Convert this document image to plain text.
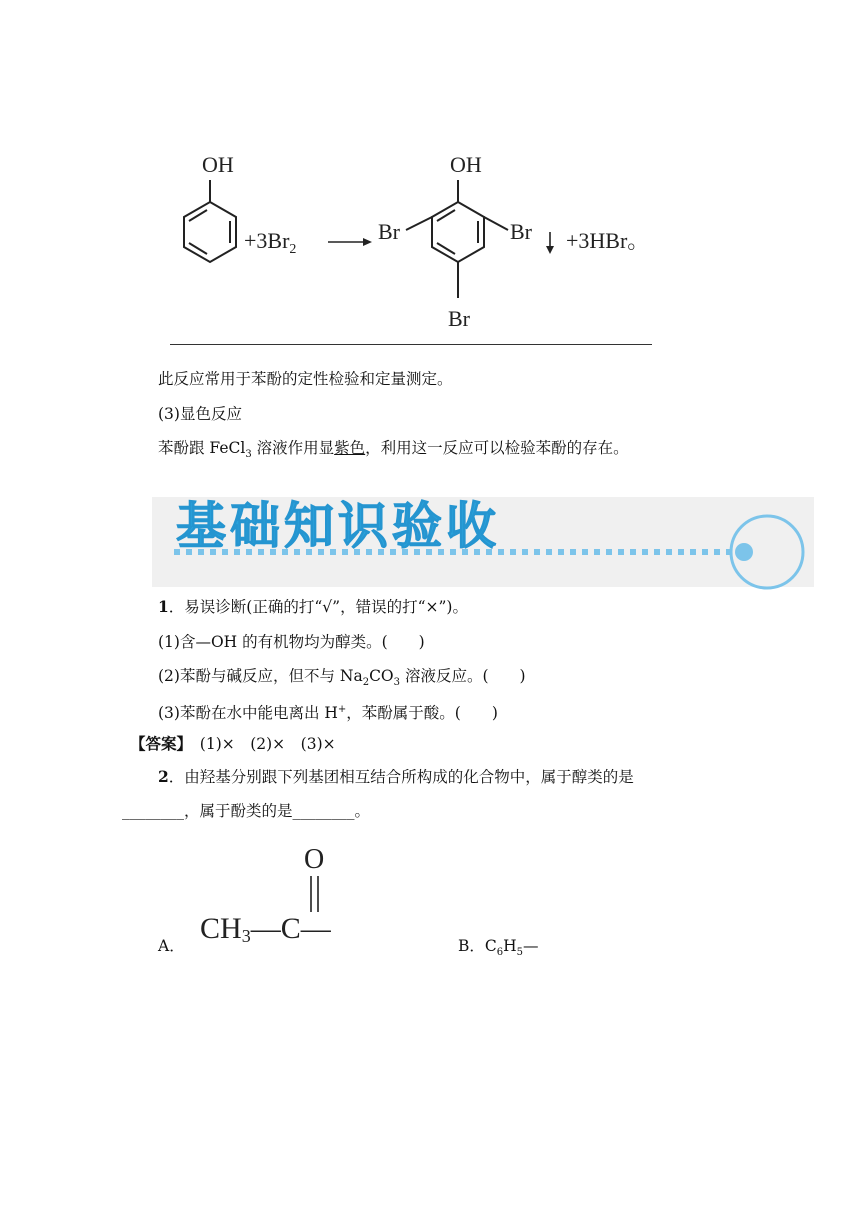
OH
$+3Br_2$
OH
Br	Br
Br
+3HBr。
此反应常用于苯酚的定性检验和定量测定。
(3)显色反应
苯酚跟 FeCl$_3$ 溶液作用显紫色，利用这一反应可以检验苯酚的存在。
基础知识验收
1．易误诊断(正确的打“√”，错误的打“×”)。
(1)含—OH 的有机物均为醇类。(　　)
(2)苯酚与碱反应，但不与 $Na_2CO_3$ 溶液反应。(　　)
(3)苯酚在水中能电离出 H+，苯酚属于酸。(　　)
【答案】　 (1)×　(2)×　(3)×
2．由羟基分别跟下列基团相互结合所构成的化合物中，属于醇类的是
________，属于酚类的是________。
A．
O
CH3—C—
B．$C_6H_5—$
